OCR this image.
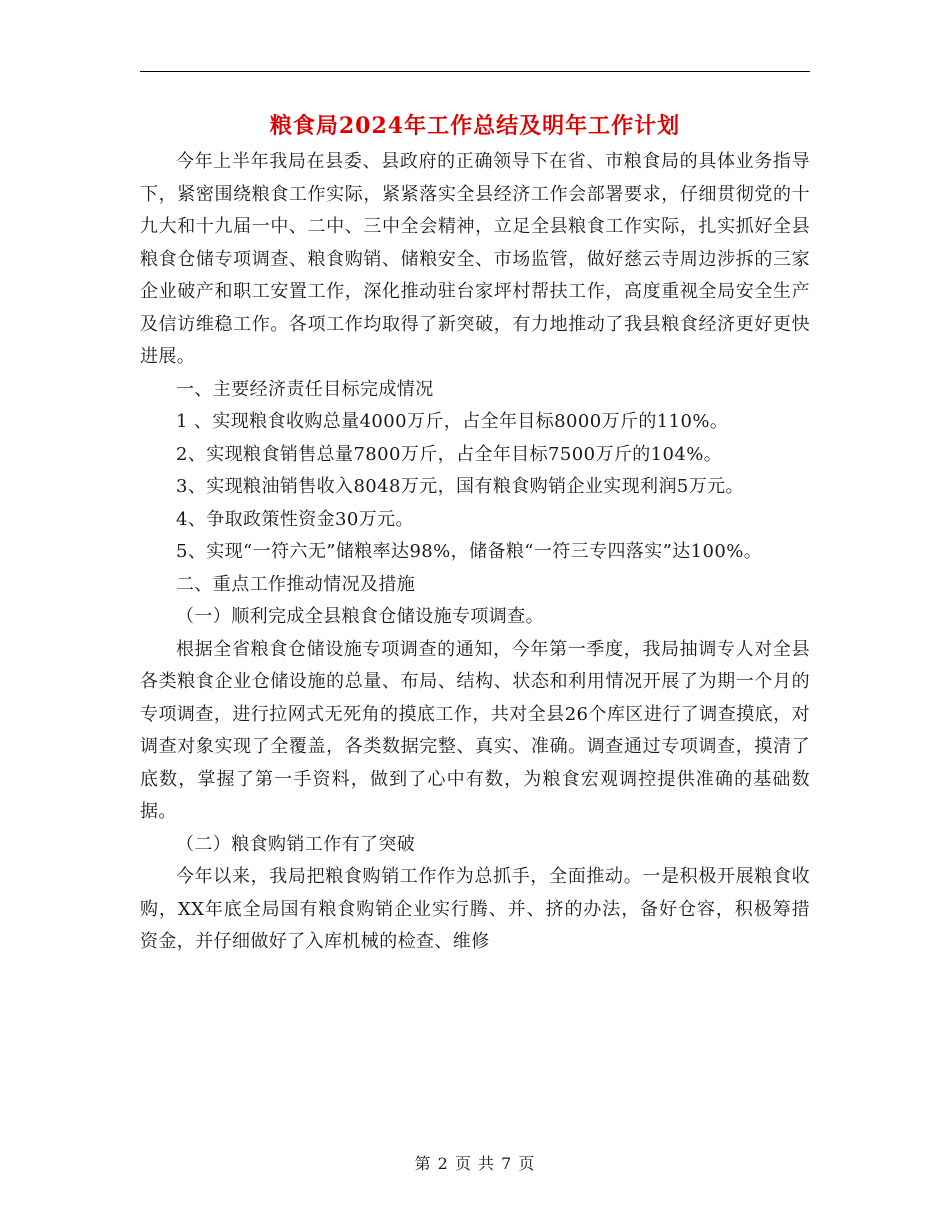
粮食局2024年工作总结及明年工作计划

今年上半年我局在县委、县政府的正确领导下在省、市粮食局的具体业务指导下，紧密围绕粮食工作实际，紧紧落实全县经济工作会部署要求，仔细贯彻党的十九大和十九届一中、二中、三中全会精神，立足全县粮食工作实际，扎实抓好全县粮食仓储专项调查、粮食购销、储粮安全、市场监管，做好慈云寺周边涉拆的三家企业破产和职工安置工作，深化推动驻台家坪村帮扶工作，高度重视全局安全生产及信访维稳工作。各项工作均取得了新突破，有力地推动了我县粮食经济更好更快进展。

一、主要经济责任目标完成情况

1 、实现粮食收购总量4000万斤，占全年目标8000万斤的110%。

2、实现粮食销售总量7800万斤，占全年目标7500万斤的104%。

3、实现粮油销售收入8048万元，国有粮食购销企业实现利润5万元。

4、争取政策性资金30万元。

5、实现“一符六无”储粮率达98%，储备粮“一符三专四落实”达100%。

二、重点工作推动情况及措施

（一）顺利完成全县粮食仓储设施专项调查。

根据全省粮食仓储设施专项调查的通知，今年第一季度，我局抽调专人对全县各类粮食企业仓储设施的总量、布局、结构、状态和利用情况开展了为期一个月的专项调查，进行拉网式无死角的摸底工作，共对全县26个库区进行了调查摸底，对调查对象实现了全覆盖，各类数据完整、真实、准确。调查通过专项调查，摸清了底数，掌握了第一手资料，做到了心中有数，为粮食宏观调控提供准确的基础数据。

（二）粮食购销工作有了突破

今年以来，我局把粮食购销工作作为总抓手，全面推动。一是积极开展粮食收购，XX年底全局国有粮食购销企业实行腾、并、挤的办法，备好仓容，积极筹措资金，并仔细做好了入库机械的检查、维修

第 2 页 共 7 页
